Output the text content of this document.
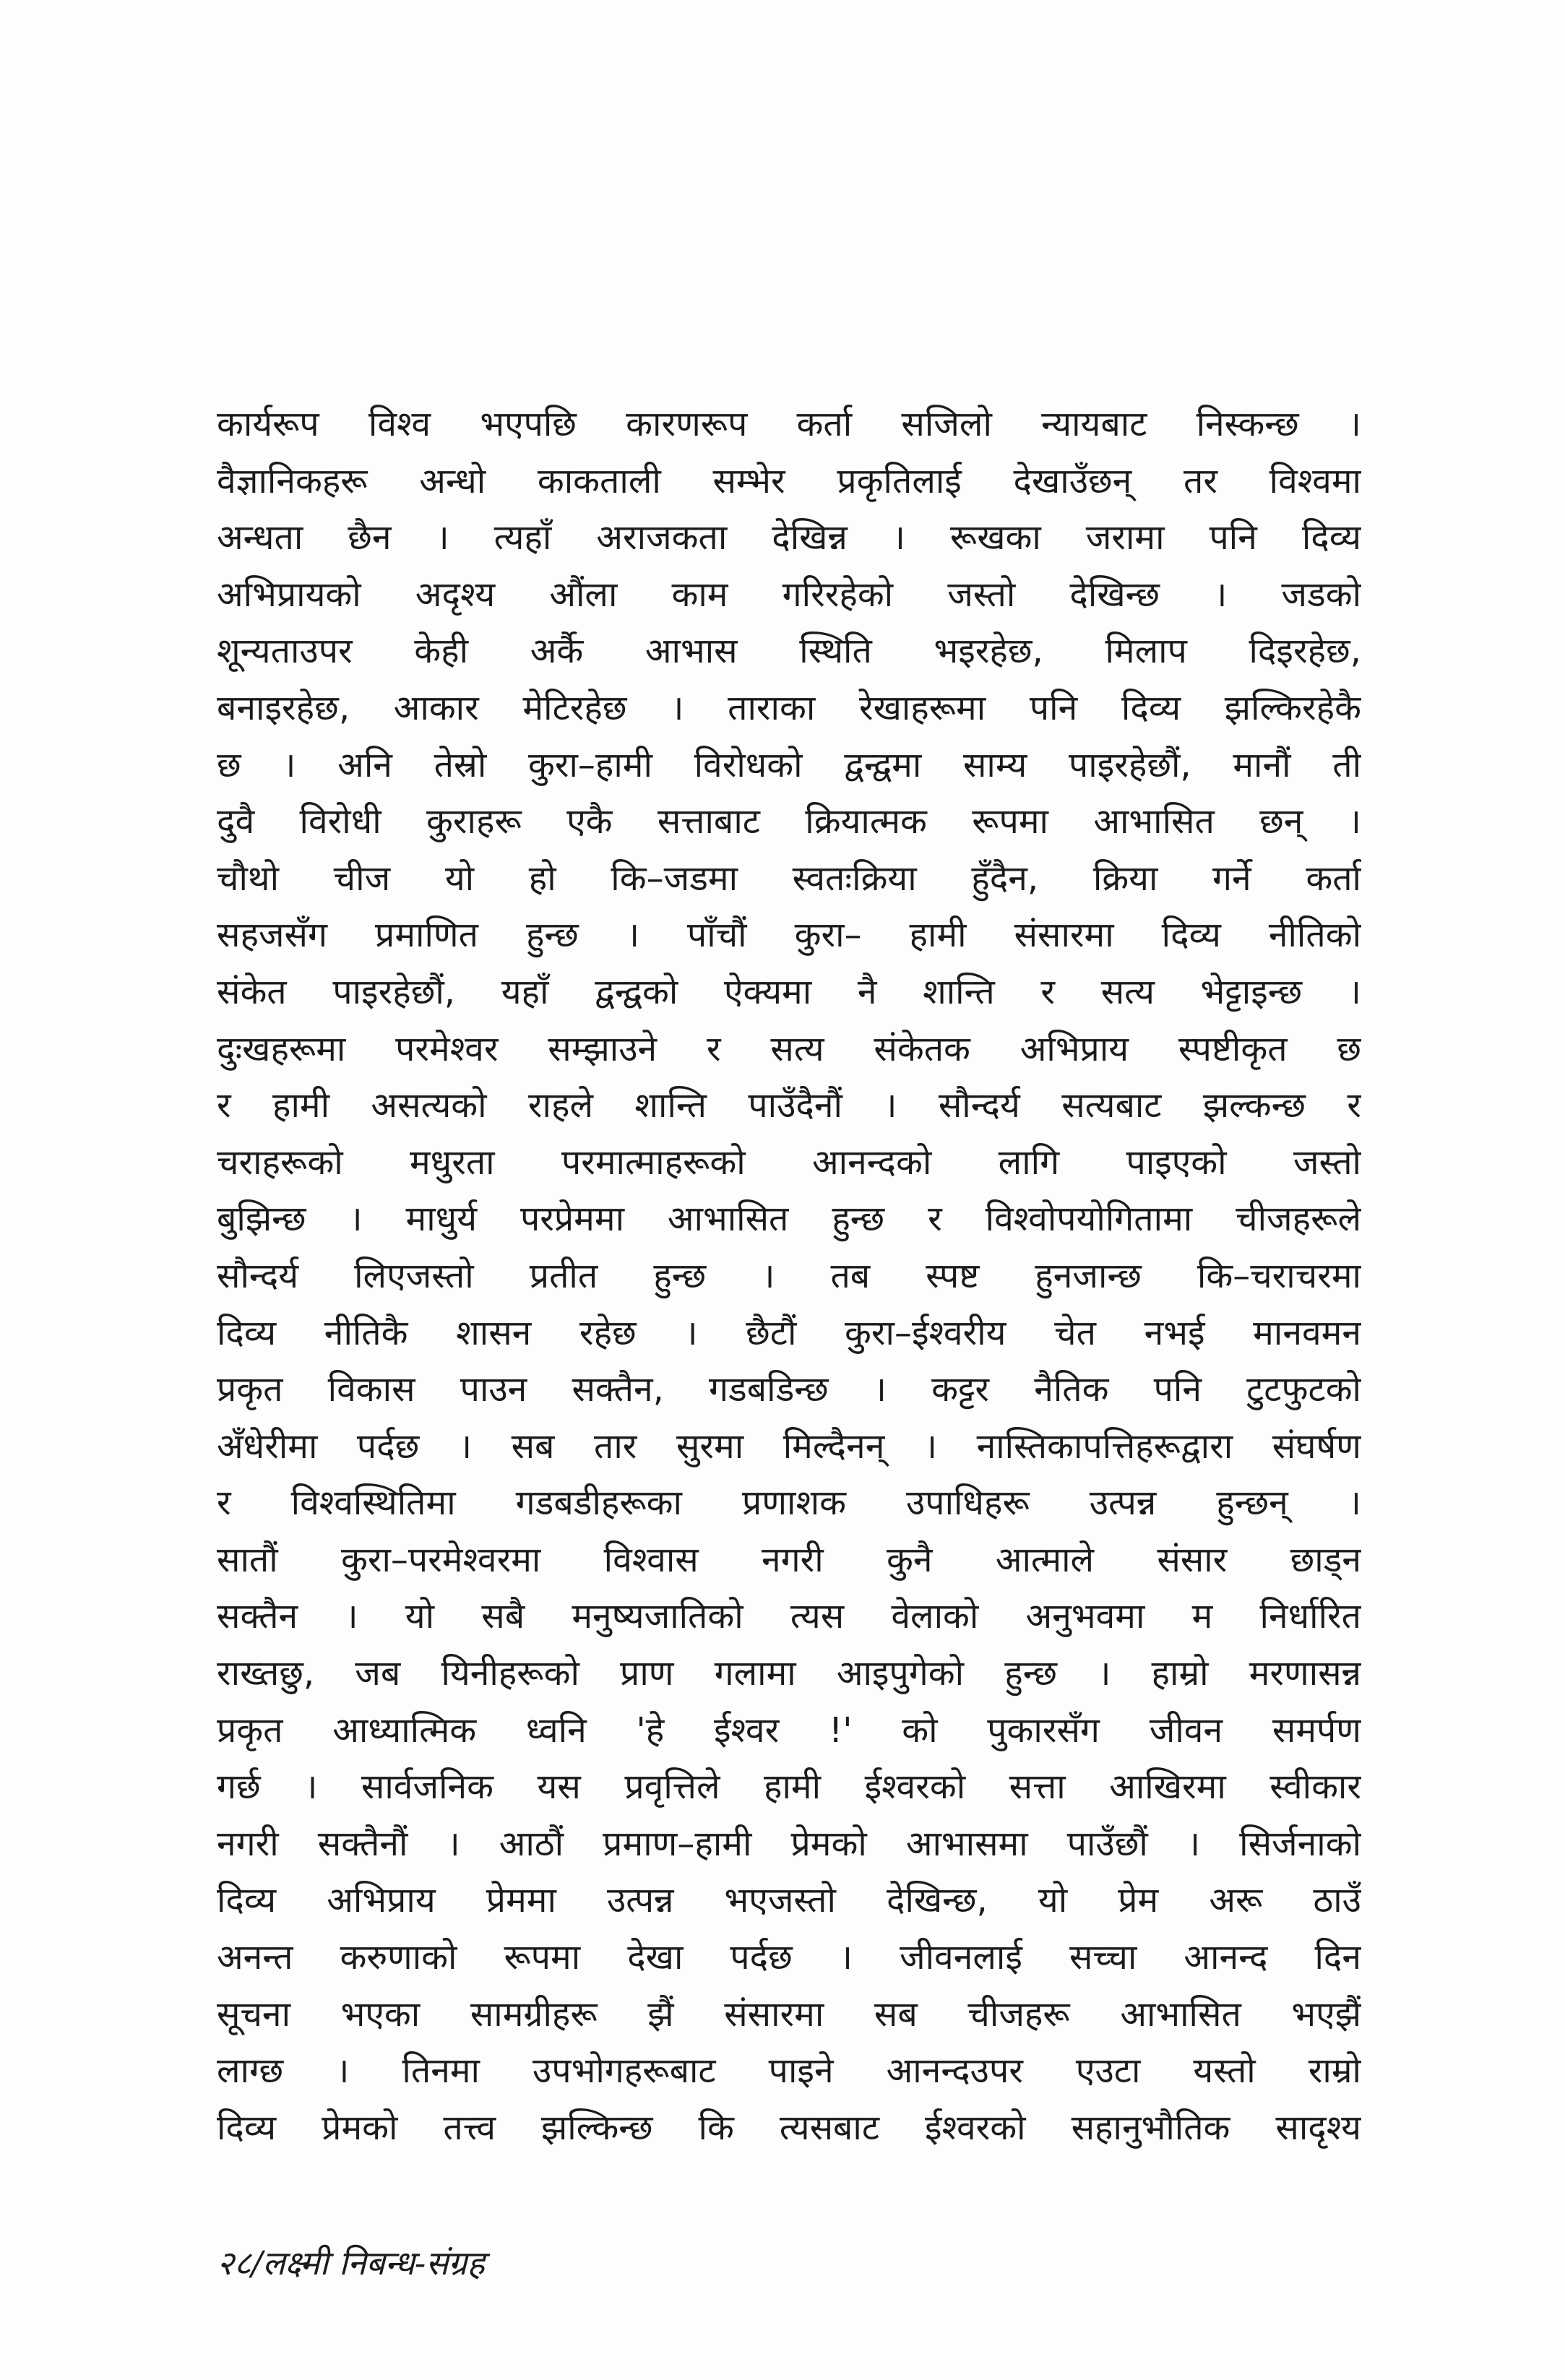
कार्यरूप विश्व भएपछि कारणरूप कर्ता सजिलो न्यायबाट निस्कन्छ ।
वैज्ञानिकहरू अन्धो काकताली सम्भेर प्रकृतिलाई देखाउँछन् तर विश्वमा
अन्धता छैन । त्यहाँ अराजकता देखिन्न । रूखका जरामा पनि दिव्य
अभिप्रायको अदृश्य औंला काम गरिरहेको जस्तो देखिन्छ । जडको
शून्यताउपर केही अर्कै आभास स्थिति भइरहेछ, मिलाप दिइरहेछ,
बनाइरहेछ, आकार मेटिरहेछ । ताराका रेखाहरूमा पनि दिव्य झल्किरहेकै
छ । अनि तेस्रो कुरा–हामी विरोधको द्वन्द्वमा साम्य पाइरहेछौं, मानौं ती
दुवै विरोधी कुराहरू एकै सत्ताबाट क्रियात्मक रूपमा आभासित छन् ।
चौथो चीज यो हो कि–जडमा स्वतःक्रिया हुँदैन, क्रिया गर्ने कर्ता
सहजसँग प्रमाणित हुन्छ । पाँचौं कुरा– हामी संसारमा दिव्य नीतिको
संकेत पाइरहेछौं, यहाँ द्वन्द्वको ऐक्यमा नै शान्ति र सत्य भेट्टाइन्छ ।
दुःखहरूमा परमेश्वर सम्झाउने र सत्य संकेतक अभिप्राय स्पष्टीकृत छ
र हामी असत्यको राहले शान्ति पाउँदैनौं । सौन्दर्य सत्यबाट झल्कन्छ र
चराहरूको मधुरता परमात्माहरूको आनन्दको लागि पाइएको जस्तो
बुझिन्छ । माधुर्य परप्रेममा आभासित हुन्छ र विश्वोपयोगितामा चीजहरूले
सौन्दर्य लिएजस्तो प्रतीत हुन्छ । तब स्पष्ट हुनजान्छ कि–चराचरमा
दिव्य नीतिकै शासन रहेछ । छैटौं कुरा–ईश्वरीय चेत नभई मानवमन
प्रकृत विकास पाउन सक्तैन, गडबडिन्छ । कट्टर नैतिक पनि टुटफुटको
अँधेरीमा पर्दछ । सब तार सुरमा मिल्दैनन् । नास्तिकापत्तिहरूद्वारा संघर्षण
र विश्वस्थितिमा गडबडीहरूका प्रणाशक उपाधिहरू उत्पन्न हुन्छन् ।
सातौं कुरा–परमेश्वरमा विश्वास नगरी कुनै आत्माले संसार छाड्न
सक्तैन । यो सबै मनुष्यजातिको त्यस वेलाको अनुभवमा म निर्धारित
राख्तछु, जब यिनीहरूको प्राण गलामा आइपुगेको हुन्छ । हाम्रो मरणासन्न
प्रकृत आध्यात्मिक ध्वनि 'हे ईश्वर !' को पुकारसँग जीवन समर्पण
गर्छ । सार्वजनिक यस प्रवृत्तिले हामी ईश्वरको सत्ता आखिरमा स्वीकार
नगरी सक्तैनौं । आठौं प्रमाण–हामी प्रेमको आभासमा पाउँछौं । सिर्जनाको
दिव्य अभिप्राय प्रेममा उत्पन्न भएजस्तो देखिन्छ, यो प्रेम अरू ठाउँ
अनन्त करुणाको रूपमा देखा पर्दछ । जीवनलाई सच्चा आनन्द दिन
सूचना भएका सामग्रीहरू झैं संसारमा सब चीजहरू आभासित भएझैं
लाग्छ । तिनमा उपभोगहरूबाट पाइने आनन्दउपर एउटा यस्तो राम्रो
दिव्य प्रेमको तत्त्व झल्किन्छ कि त्यसबाट ईश्वरको सहानुभौतिक सादृश्य
२८/लक्ष्मी निबन्ध-संग्रह
